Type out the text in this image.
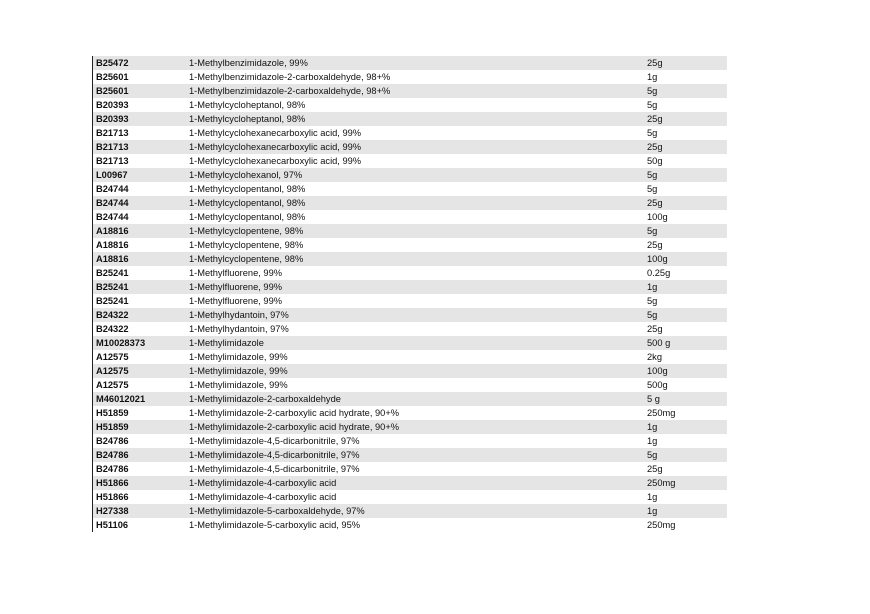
B25472	1-Methylbenzimidazole, 99%	25g
B25601	1-Methylbenzimidazole-2-carboxaldehyde, 98+%	1g
B25601	1-Methylbenzimidazole-2-carboxaldehyde, 98+%	5g
B20393	1-Methylcycloheptanol, 98%	5g
B20393	1-Methylcycloheptanol, 98%	25g
B21713	1-Methylcyclohexanecarboxylic acid, 99%	5g
B21713	1-Methylcyclohexanecarboxylic acid, 99%	25g
B21713	1-Methylcyclohexanecarboxylic acid, 99%	50g
L00967	1-Methylcyclohexanol, 97%	5g
B24744	1-Methylcyclopentanol, 98%	5g
B24744	1-Methylcyclopentanol, 98%	25g
B24744	1-Methylcyclopentanol, 98%	100g
A18816	1-Methylcyclopentene, 98%	5g
A18816	1-Methylcyclopentene, 98%	25g
A18816	1-Methylcyclopentene, 98%	100g
B25241	1-Methylfluorene, 99%	0.25g
B25241	1-Methylfluorene, 99%	1g
B25241	1-Methylfluorene, 99%	5g
B24322	1-Methylhydantoin, 97%	5g
B24322	1-Methylhydantoin, 97%	25g
M10028373	1-Methylimidazole	500 g
A12575	1-Methylimidazole, 99%	2kg
A12575	1-Methylimidazole, 99%	100g
A12575	1-Methylimidazole, 99%	500g
M46012021	1-Methylimidazole-2-carboxaldehyde	5 g
H51859	1-Methylimidazole-2-carboxylic acid hydrate, 90+%	250mg
H51859	1-Methylimidazole-2-carboxylic acid hydrate, 90+%	1g
B24786	1-Methylimidazole-4,5-dicarbonitrile, 97%	1g
B24786	1-Methylimidazole-4,5-dicarbonitrile, 97%	5g
B24786	1-Methylimidazole-4,5-dicarbonitrile, 97%	25g
H51866	1-Methylimidazole-4-carboxylic acid	250mg
H51866	1-Methylimidazole-4-carboxylic acid	1g
H27338	1-Methylimidazole-5-carboxaldehyde, 97%	1g
H51106	1-Methylimidazole-5-carboxylic acid, 95%	250mg
